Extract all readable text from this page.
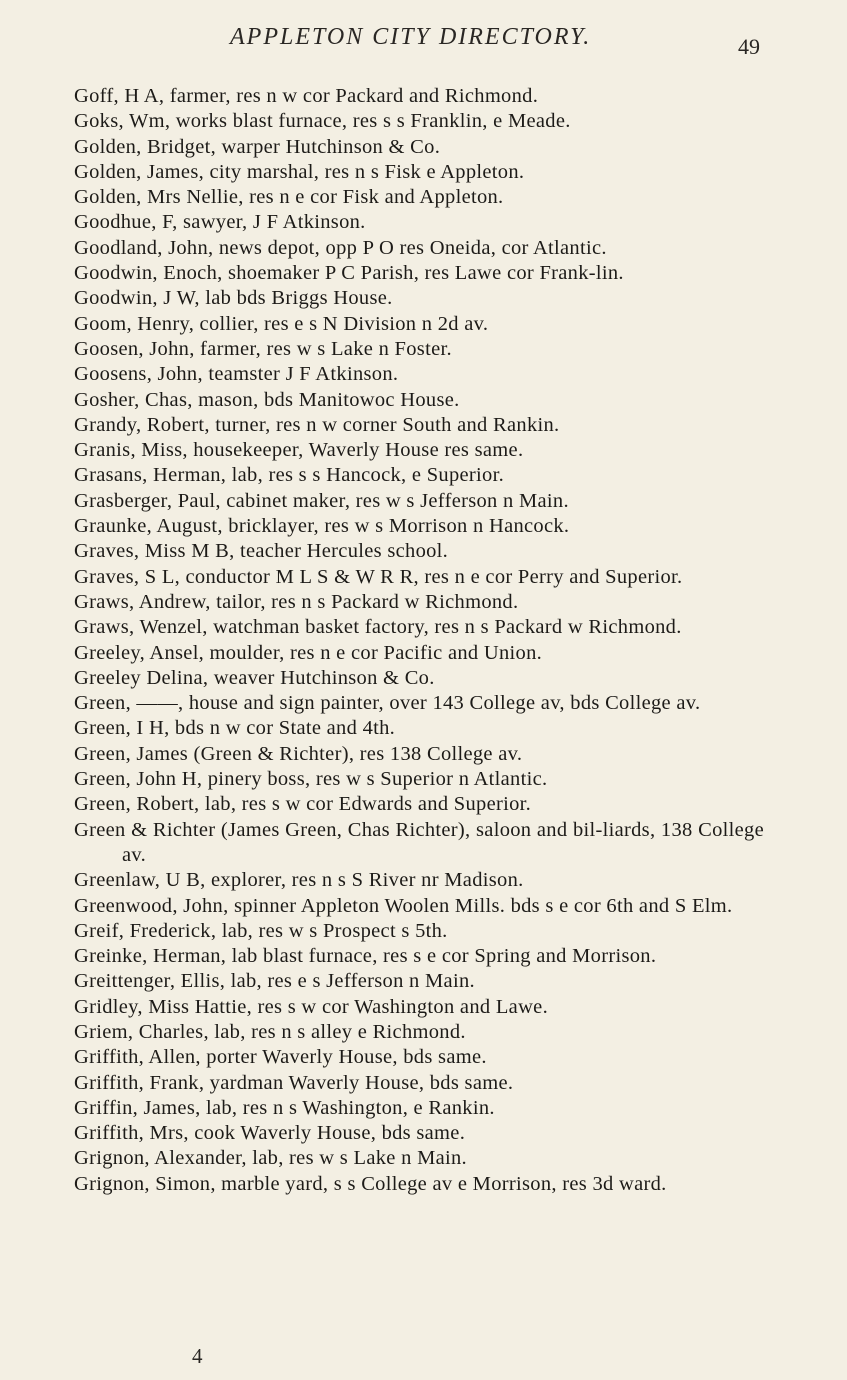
APPLETON CITY DIRECTORY.	49
Goff, H A, farmer, res n w cor Packard and Richmond.
Goks, Wm, works blast furnace, res s s Franklin, e Meade.
Golden, Bridget, warper Hutchinson & Co.
Golden, James, city marshal, res n s Fisk e Appleton.
Golden, Mrs Nellie, res n e cor Fisk and Appleton.
Goodhue, F, sawyer, J F Atkinson.
Goodland, John, news depot, opp P O res Oneida, cor Atlantic.
Goodwin, Enoch, shoemaker P C Parish, res Lawe cor Frank-lin.
Goodwin, J W, lab bds Briggs House.
Goom, Henry, collier, res e s N Division n 2d av.
Goosen, John, farmer, res w s Lake n Foster.
Goosens, John, teamster J F Atkinson.
Gosher, Chas, mason, bds Manitowoc House.
Grandy, Robert, turner, res n w corner South and Rankin.
Granis, Miss, housekeeper, Waverly House res same.
Grasans, Herman, lab, res s s Hancock, e Superior.
Grasberger, Paul, cabinet maker, res w s Jefferson n Main.
Graunke, August, bricklayer, res w s Morrison n Hancock.
Graves, Miss M B, teacher Hercules school.
Graves, S L, conductor M L S & W R R, res n e cor Perry and Superior.
Graws, Andrew, tailor, res n s Packard w Richmond.
Graws, Wenzel, watchman basket factory, res n s Packard w Richmond.
Greeley, Ansel, moulder, res n e cor Pacific and Union.
Greeley Delina, weaver Hutchinson & Co.
Green, ——, house and sign painter, over 143 College av, bds College av.
Green, I H, bds n w cor State and 4th.
Green, James (Green & Richter), res 138 College av.
Green, John H, pinery boss, res w s Superior n Atlantic.
Green, Robert, lab, res s w cor Edwards and Superior.
Green & Richter (James Green, Chas Richter), saloon and bil-liards, 138 College av.
Greenlaw, U B, explorer, res n s S River nr Madison.
Greenwood, John, spinner Appleton Woolen Mills. bds s e cor 6th and S Elm.
Greif, Frederick, lab, res w s Prospect s 5th.
Greinke, Herman, lab blast furnace, res s e cor Spring and Morrison.
Greittenger, Ellis, lab, res e s Jefferson n Main.
Gridley, Miss Hattie, res s w cor Washington and Lawe.
Griem, Charles, lab, res n s alley e Richmond.
Griffith, Allen, porter Waverly House, bds same.
Griffith, Frank, yardman Waverly House, bds same.
Griffin, James, lab, res n s Washington, e Rankin.
Griffith, Mrs, cook Waverly House, bds same.
Grignon, Alexander, lab, res w s Lake n Main.
Grignon, Simon, marble yard, s s College av e Morrison, res 3d ward.
4
